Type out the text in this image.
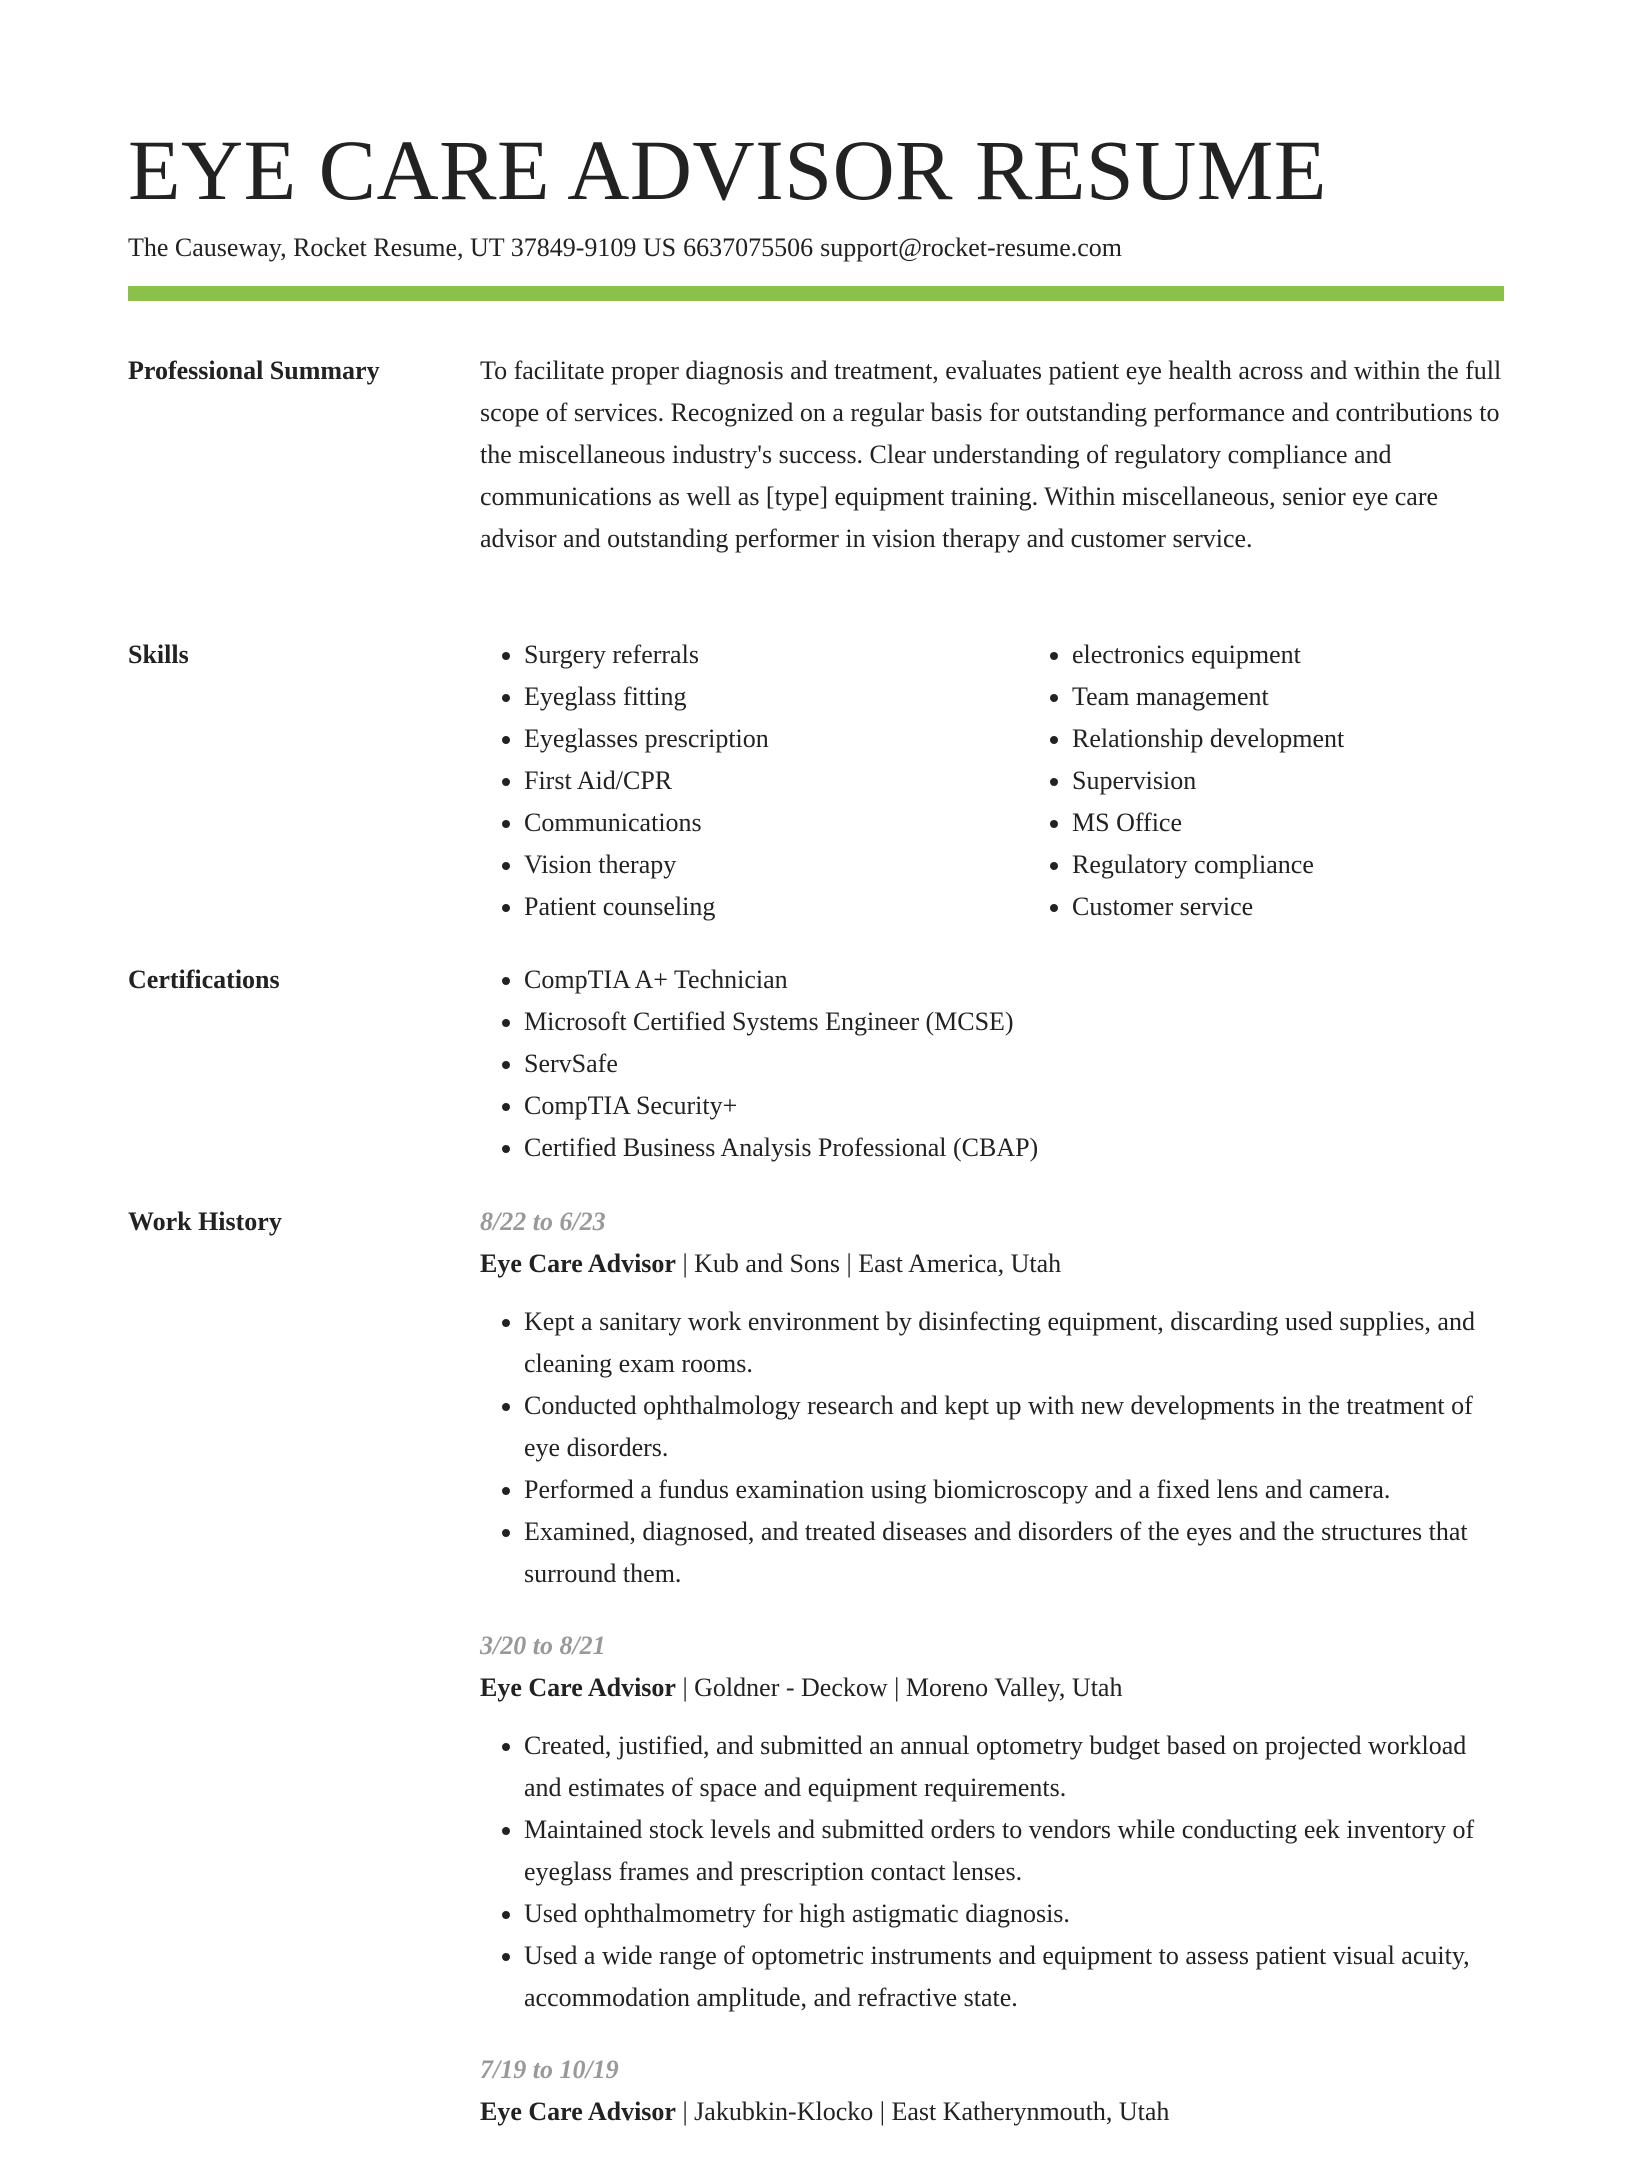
EYE CARE ADVISOR RESUME
The Causeway, Rocket Resume, UT 37849-9109 US 6637075506 support@rocket-resume.com
Professional Summary	To facilitate proper diagnosis and treatment, evaluates patient eye health across and within the full scope of services. Recognized on a regular basis for outstanding performance and contributions to the miscellaneous industry's success. Clear understanding of regulatory compliance and communications as well as [type] equipment training. Within miscellaneous, senior eye care advisor and outstanding performer in vision therapy and customer service.

Skills	• Surgery referrals
• Eyeglass fitting
• Eyeglasses prescription
• First Aid/CPR
• Communications
• Vision therapy
• Patient counseling
• electronics equipment
• Team management
• Relationship development
• Supervision
• MS Office
• Regulatory compliance
• Customer service
Certifications	• CompTIA A+ Technician
• Microsoft Certified Systems Engineer (MCSE)
• ServSafe
• CompTIA Security+
• Certified Business Analysis Professional (CBAP)
Work History	8/22 to 6/23
Eye Care Advisor | Kub and Sons | East America, Utah
• Kept a sanitary work environment by disinfecting equipment, discarding used supplies, and cleaning exam rooms.
• Conducted ophthalmology research and kept up with new developments in the treatment of eye disorders.
• Performed a fundus examination using biomicroscopy and a fixed lens and camera.
• Examined, diagnosed, and treated diseases and disorders of the eyes and the structures that surround them.
3/20 to 8/21
Eye Care Advisor | Goldner - Deckow | Moreno Valley, Utah
• Created, justified, and submitted an annual optometry budget based on projected workload and estimates of space and equipment requirements.
• Maintained stock levels and submitted orders to vendors while conducting eek inventory of eyeglass frames and prescription contact lenses.
• Used ophthalmometry for high astigmatic diagnosis.
• Used a wide range of optometric instruments and equipment to assess patient visual acuity, accommodation amplitude, and refractive state.
7/19 to 10/19
Eye Care Advisor | Jakubkin-Klocko | East Katherynmouth, Utah
